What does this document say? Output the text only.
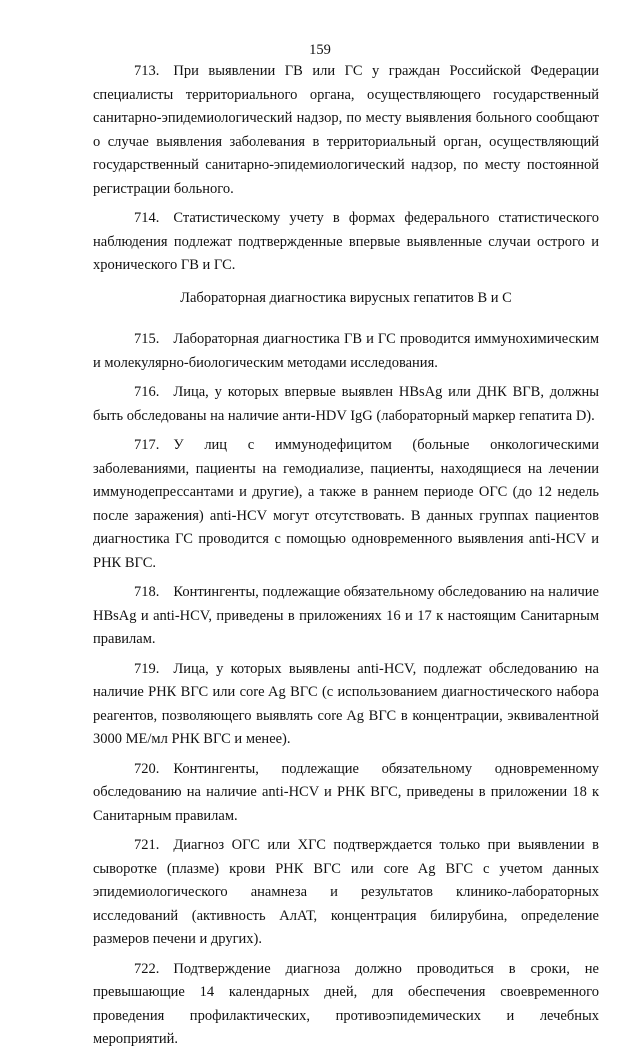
159

713. При выявлении ГВ или ГС у граждан Российской Федерации специалисты территориального органа, осуществляющего государственный санитарно-эпидемиологический надзор, по месту выявления больного сообщают о случае выявления заболевания в территориальный орган, осуществляющий государственный санитарно-эпидемиологический надзор, по месту постоянной регистрации больного.

714. Статистическому учету в формах федерального статистического наблюдения подлежат подтвержденные впервые выявленные случаи острого и хронического ГВ и ГС.

Лабораторная диагностика вирусных гепатитов В и С

715. Лабораторная диагностика ГВ и ГС проводится иммунохимическим и молекулярно-биологическим методами исследования.

716. Лица, у которых впервые выявлен HBsAg или ДНК ВГВ, должны быть обследованы на наличие анти-HDV IgG (лабораторный маркер гепатита D).

717. У лиц с иммунодефицитом (больные онкологическими заболеваниями, пациенты на гемодиализе, пациенты, находящиеся на лечении иммунодепрессантами и другие), а также в раннем периоде ОГС (до 12 недель после заражения) anti-HCV могут отсутствовать. В данных группах пациентов диагностика ГС проводится с помощью одновременного выявления anti-HCV и РНК ВГС.

718. Контингенты, подлежащие обязательному обследованию на наличие HBsAg и anti-HCV, приведены в приложениях 16 и 17 к настоящим Санитарным правилам.

719. Лица, у которых выявлены anti-HCV, подлежат обследованию на наличие РНК ВГС или core Ag ВГС (с использованием диагностического набора реагентов, позволяющего выявлять core Ag ВГС в концентрации, эквивалентной 3000 МЕ/мл РНК ВГС и менее).

720. Контингенты, подлежащие обязательному одновременному обследованию на наличие anti-HCV и РНК ВГС, приведены в приложении 18 к Санитарным правилам.

721. Диагноз ОГС или ХГС подтверждается только при выявлении в сыворотке (плазме) крови РНК ВГС или core Ag ВГС с учетом данных эпидемиологического анамнеза и результатов клинико-лабораторных исследований (активность АлАТ, концентрация билирубина, определение размеров печени и других).

722. Подтверждение диагноза должно проводиться в сроки, не превышающие 14 календарных дней, для обеспечения своевременного проведения профилактических, противоэпидемических и лечебных мероприятий.
